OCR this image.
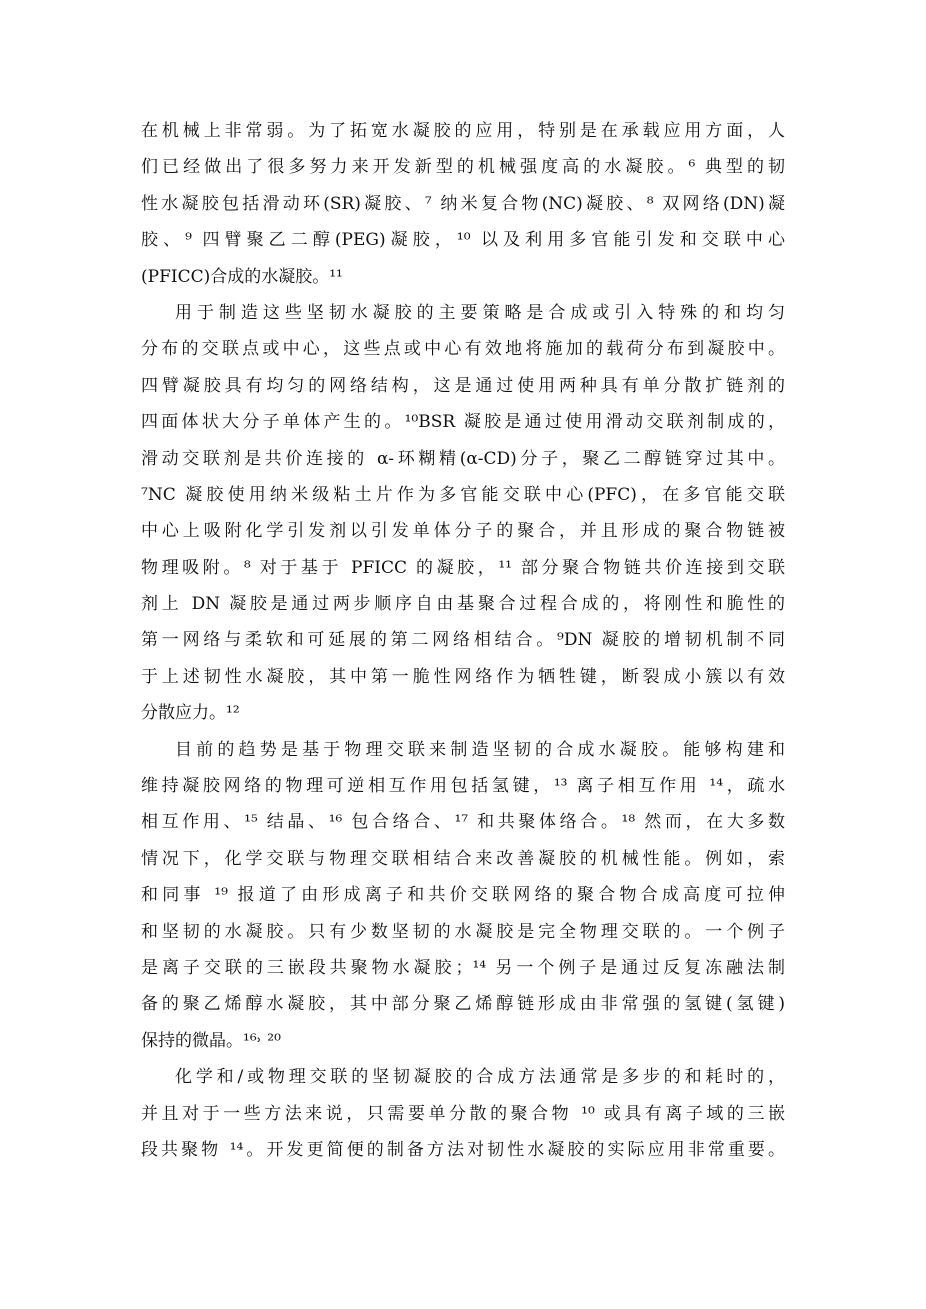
在机械上非常弱。为了拓宽水凝胶的应用，特别是在承载应用方面，人
们已经做出了很多努力来开发新型的机械强度高的水凝胶。⁶ 典型的韧
性水凝胶包括滑动环(SR)凝胶、⁷ 纳米复合物(NC)凝胶、⁸ 双网络(DN)凝
胶、⁹ 四臂聚乙二醇(PEG)凝胶，¹⁰ 以及利用多官能引发和交联中心
(PFICC)合成的水凝胶。¹¹
用于制造这些坚韧水凝胶的主要策略是合成或引入特殊的和均匀
分布的交联点或中心，这些点或中心有效地将施加的载荷分布到凝胶中。
四臂凝胶具有均匀的网络结构，这是通过使用两种具有单分散扩链剂的
四面体状大分子单体产生的。¹⁰BSR 凝胶是通过使用滑动交联剂制成的，
滑动交联剂是共价连接的 α-环糊精(α-CD)分子，聚乙二醇链穿过其中。
⁷NC 凝胶使用纳米级粘土片作为多官能交联中心(PFC)，在多官能交联
中心上吸附化学引发剂以引发单体分子的聚合，并且形成的聚合物链被
物理吸附。⁸ 对于基于 PFICC 的凝胶，¹¹ 部分聚合物链共价连接到交联
剂上 DN 凝胶是通过两步顺序自由基聚合过程合成的，将刚性和脆性的
第一网络与柔软和可延展的第二网络相结合。⁹DN 凝胶的增韧机制不同
于上述韧性水凝胶，其中第一脆性网络作为牺牲键，断裂成小簇以有效
分散应力。¹²
目前的趋势是基于物理交联来制造坚韧的合成水凝胶。能够构建和
维持凝胶网络的物理可逆相互作用包括氢键，¹³ 离子相互作用 ¹⁴，疏水
相互作用、¹⁵ 结晶、¹⁶ 包合络合、¹⁷ 和共聚体络合。¹⁸ 然而，在大多数
情况下，化学交联与物理交联相结合来改善凝胶的机械性能。例如，索
和同事 ¹⁹ 报道了由形成离子和共价交联网络的聚合物合成高度可拉伸
和坚韧的水凝胶。只有少数坚韧的水凝胶是完全物理交联的。一个例子
是离子交联的三嵌段共聚物水凝胶；¹⁴ 另一个例子是通过反复冻融法制
备的聚乙烯醇水凝胶，其中部分聚乙烯醇链形成由非常强的氢键(氢键)
保持的微晶。¹⁶˒ ²⁰
化学和/或物理交联的坚韧凝胶的合成方法通常是多步的和耗时的，
并且对于一些方法来说，只需要单分散的聚合物 ¹⁰ 或具有离子域的三嵌
段共聚物 ¹⁴。开发更简便的制备方法对韧性水凝胶的实际应用非常重要。
